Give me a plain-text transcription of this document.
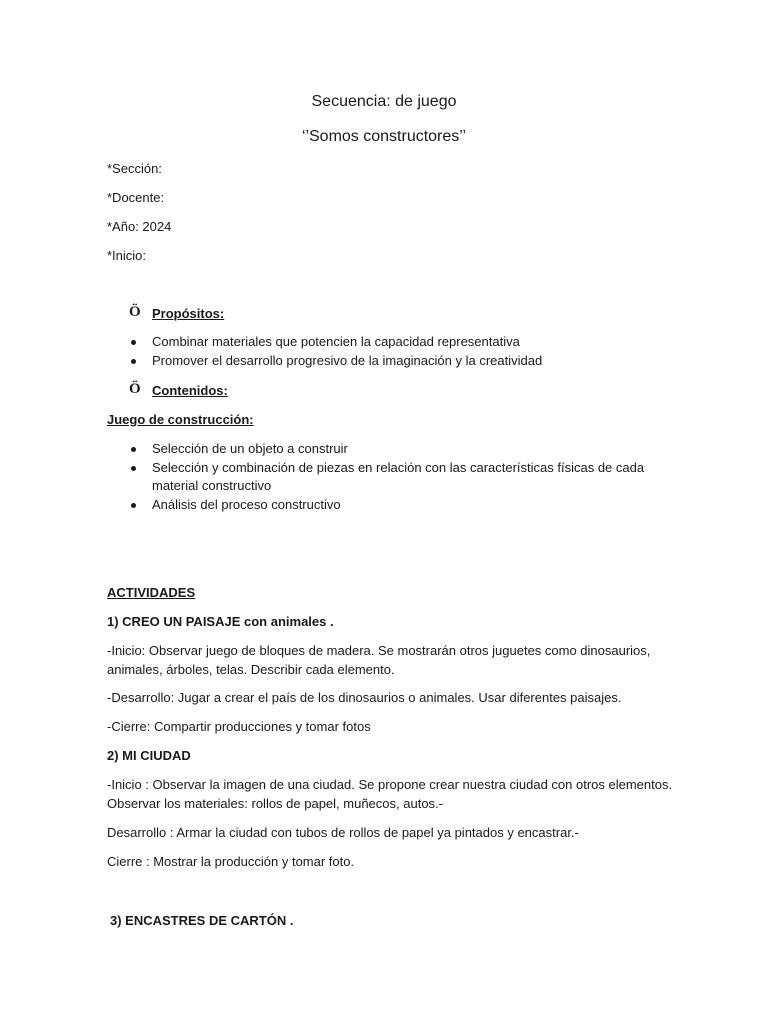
Secuencia: de juego
‘’Somos constructores’’
*Sección:
*Docente:
*Año: 2024
*Inicio:
Ö Propósitos:
Combinar materiales que potencien la capacidad representativa
Promover el desarrollo progresivo de la imaginación y la creatividad
Ö Contenidos:
Juego de construcción:
Selección de un objeto a construir
Selección y combinación de piezas en relación con las características físicas de cada
material constructivo
Análisis del proceso constructivo
ACTIVIDADES
1) CREO UN PAISAJE con animales .
-Inicio: Observar juego de bloques de madera. Se mostrarán otros juguetes como dinosaurios,
animales, árboles, telas. Describir cada elemento.
-Desarrollo: Jugar a crear el país de los dinosaurios o animales. Usar diferentes paisajes.
-Cierre: Compartir producciones y tomar fotos
2) MI CIUDAD
-Inicio : Observar la imagen de una ciudad. Se propone crear nuestra ciudad con otros elementos.
Observar los materiales: rollos de papel, muñecos, autos.-
Desarrollo : Armar la ciudad con tubos de rollos de papel ya pintados y encastrar.-
Cierre : Mostrar la producción y tomar foto.
3) ENCASTRES DE CARTÓN .
